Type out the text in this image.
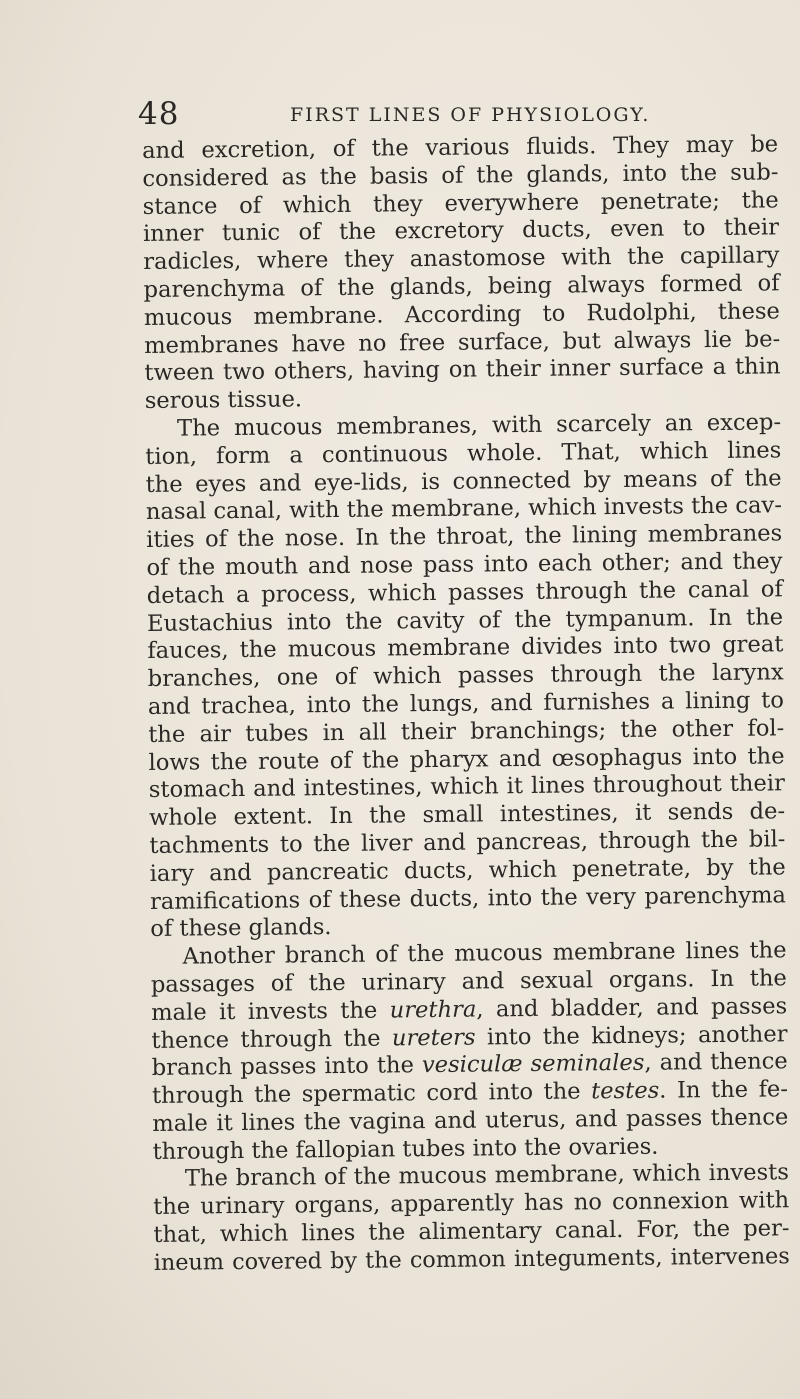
48	FIRST LINES OF PHYSIOLOGY.
and excretion, of the various fluids. They may be
considered as the basis of the glands, into the sub-
stance of which they everywhere penetrate; the
inner tunic of the excretory ducts, even to their
radicles, where they anastomose with the capillary
parenchyma of the glands, being always formed of
mucous membrane. According to Rudolphi, these
membranes have no free surface, but always lie be-
tween two others, having on their inner surface a thin
serous tissue.
The mucous membranes, with scarcely an excep-
tion, form a continuous whole. That, which lines
the eyes and eye-lids, is connected by means of the
nasal canal, with the membrane, which invests the cav-
ities of the nose. In the throat, the lining membranes
of the mouth and nose pass into each other; and they
detach a process, which passes through the canal of
Eustachius into the cavity of the tympanum. In the
fauces, the mucous membrane divides into two great
branches, one of which passes through the larynx
and trachea, into the lungs, and furnishes a lining to
the air tubes in all their branchings; the other fol-
lows the route of the pharyx and œsophagus into the
stomach and intestines, which it lines throughout their
whole extent. In the small intestines, it sends de-
tachments to the liver and pancreas, through the bil-
iary and pancreatic ducts, which penetrate, by the
ramifications of these ducts, into the very parenchyma
of these glands.
Another branch of the mucous membrane lines the
passages of the urinary and sexual organs. In the
male it invests the urethra, and bladder, and passes
thence through the ureters into the kidneys; another
branch passes into the vesiculæ seminales, and thence
through the spermatic cord into the testes. In the fe-
male it lines the vagina and uterus, and passes thence
through the fallopian tubes into the ovaries.
The branch of the mucous membrane, which invests
the urinary organs, apparently has no connexion with
that, which lines the alimentary canal. For, the per-
ineum covered by the common integuments, intervenes
